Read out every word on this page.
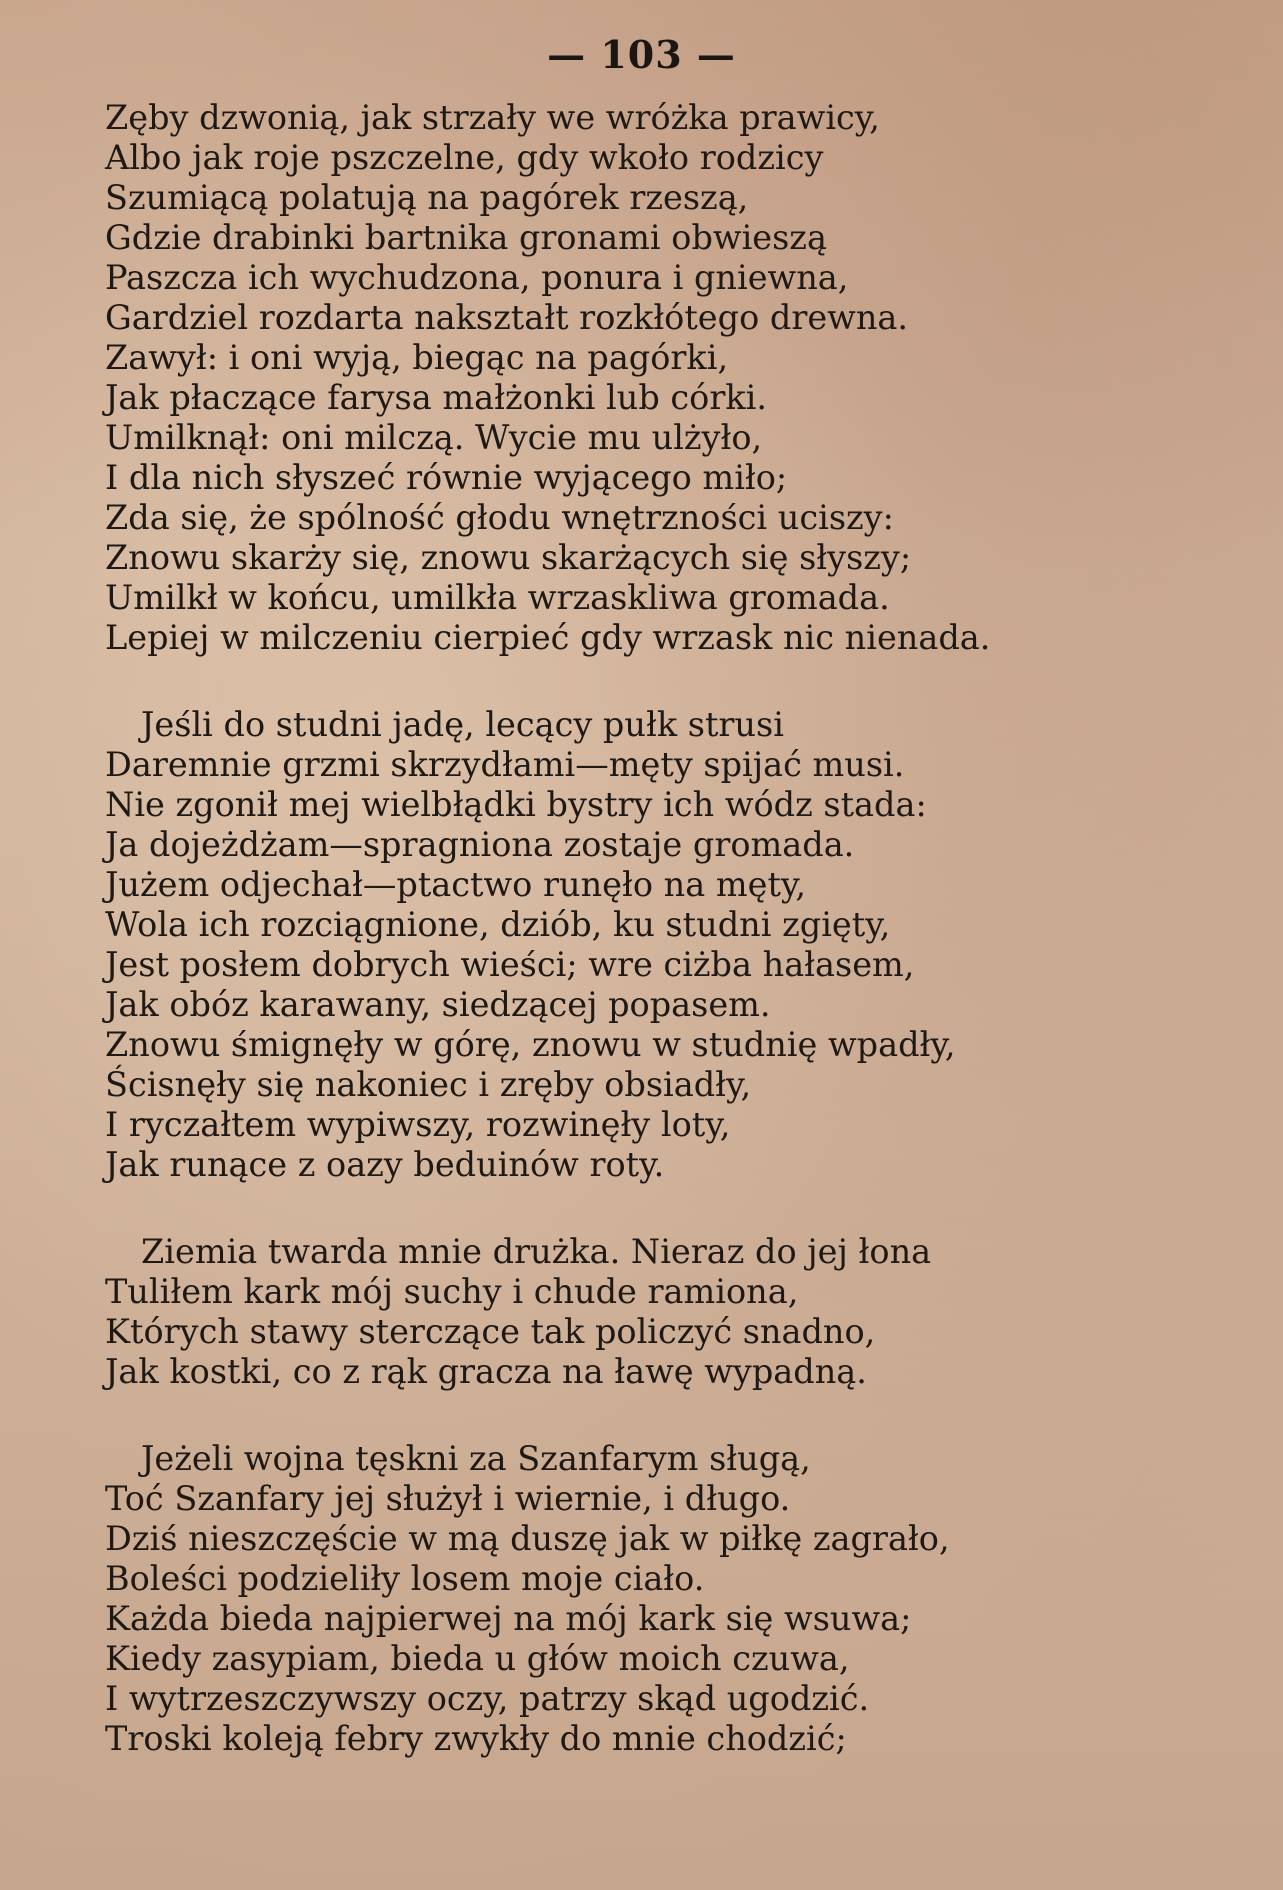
— 103 —
Zęby dzwonią, jak strzały we wróżka prawicy,
Albo jak roje pszczelne, gdy wkoło rodzicy
Szumiącą polatują na pagórek rzeszą,
Gdzie drabinki bartnika gronami obwieszą
Paszcza ich wychudzona, ponura i gniewna,
Gardziel rozdarta nakształt rozkłótego drewna.
Zawył: i oni wyją, biegąc na pagórki,
Jak płaczące farysa małżonki lub córki.
Umilknął: oni milczą. Wycie mu ulżyło,
I dla nich słyszeć równie wyjącego miło;
Zda się, że spólność głodu wnętrzności uciszy:
Znowu skarży się, znowu skarżących się słyszy;
Umilkł w końcu, umilkła wrzaskliwa gromada.
Lepiej w milczeniu cierpieć gdy wrzask nic nienada.
Jeśli do studni jadę, lecący pułk strusi
Daremnie grzmi skrzydłami—męty spijać musi.
Nie zgonił mej wielbłądki bystry ich wódz stada:
Ja dojeżdżam—spragniona zostaje gromada.
Jużem odjechał—ptactwo runęło na męty,
Wola ich rozciągnione, dziób, ku studni zgięty,
Jest posłem dobrych wieści; wre ciżba hałasem,
Jak obóz karawany, siedzącej popasem.
Znowu śmignęły w górę, znowu w studnię wpadły,
Ścisnęły się nakoniec i zręby obsiadły,
I ryczałtem wypiwszy, rozwinęły loty,
Jak runące z oazy beduinów roty.
Ziemia twarda mnie drużka. Nieraz do jej łona
Tuliłem kark mój suchy i chude ramiona,
Których stawy sterczące tak policzyć snadno,
Jak kostki, co z rąk gracza na ławę wypadną.
Jeżeli wojna tęskni za Szanfarym sługą,
Toć Szanfary jej służył i wiernie, i długo.
Dziś nieszczęście w mą duszę jak w piłkę zagrało,
Boleści podzieliły losem moje ciało.
Każda bieda najpierwej na mój kark się wsuwa;
Kiedy zasypiam, bieda u głów moich czuwa,
I wytrzeszczywszy oczy, patrzy skąd ugodzić.
Troski koleją febry zwykły do mnie chodzić;
